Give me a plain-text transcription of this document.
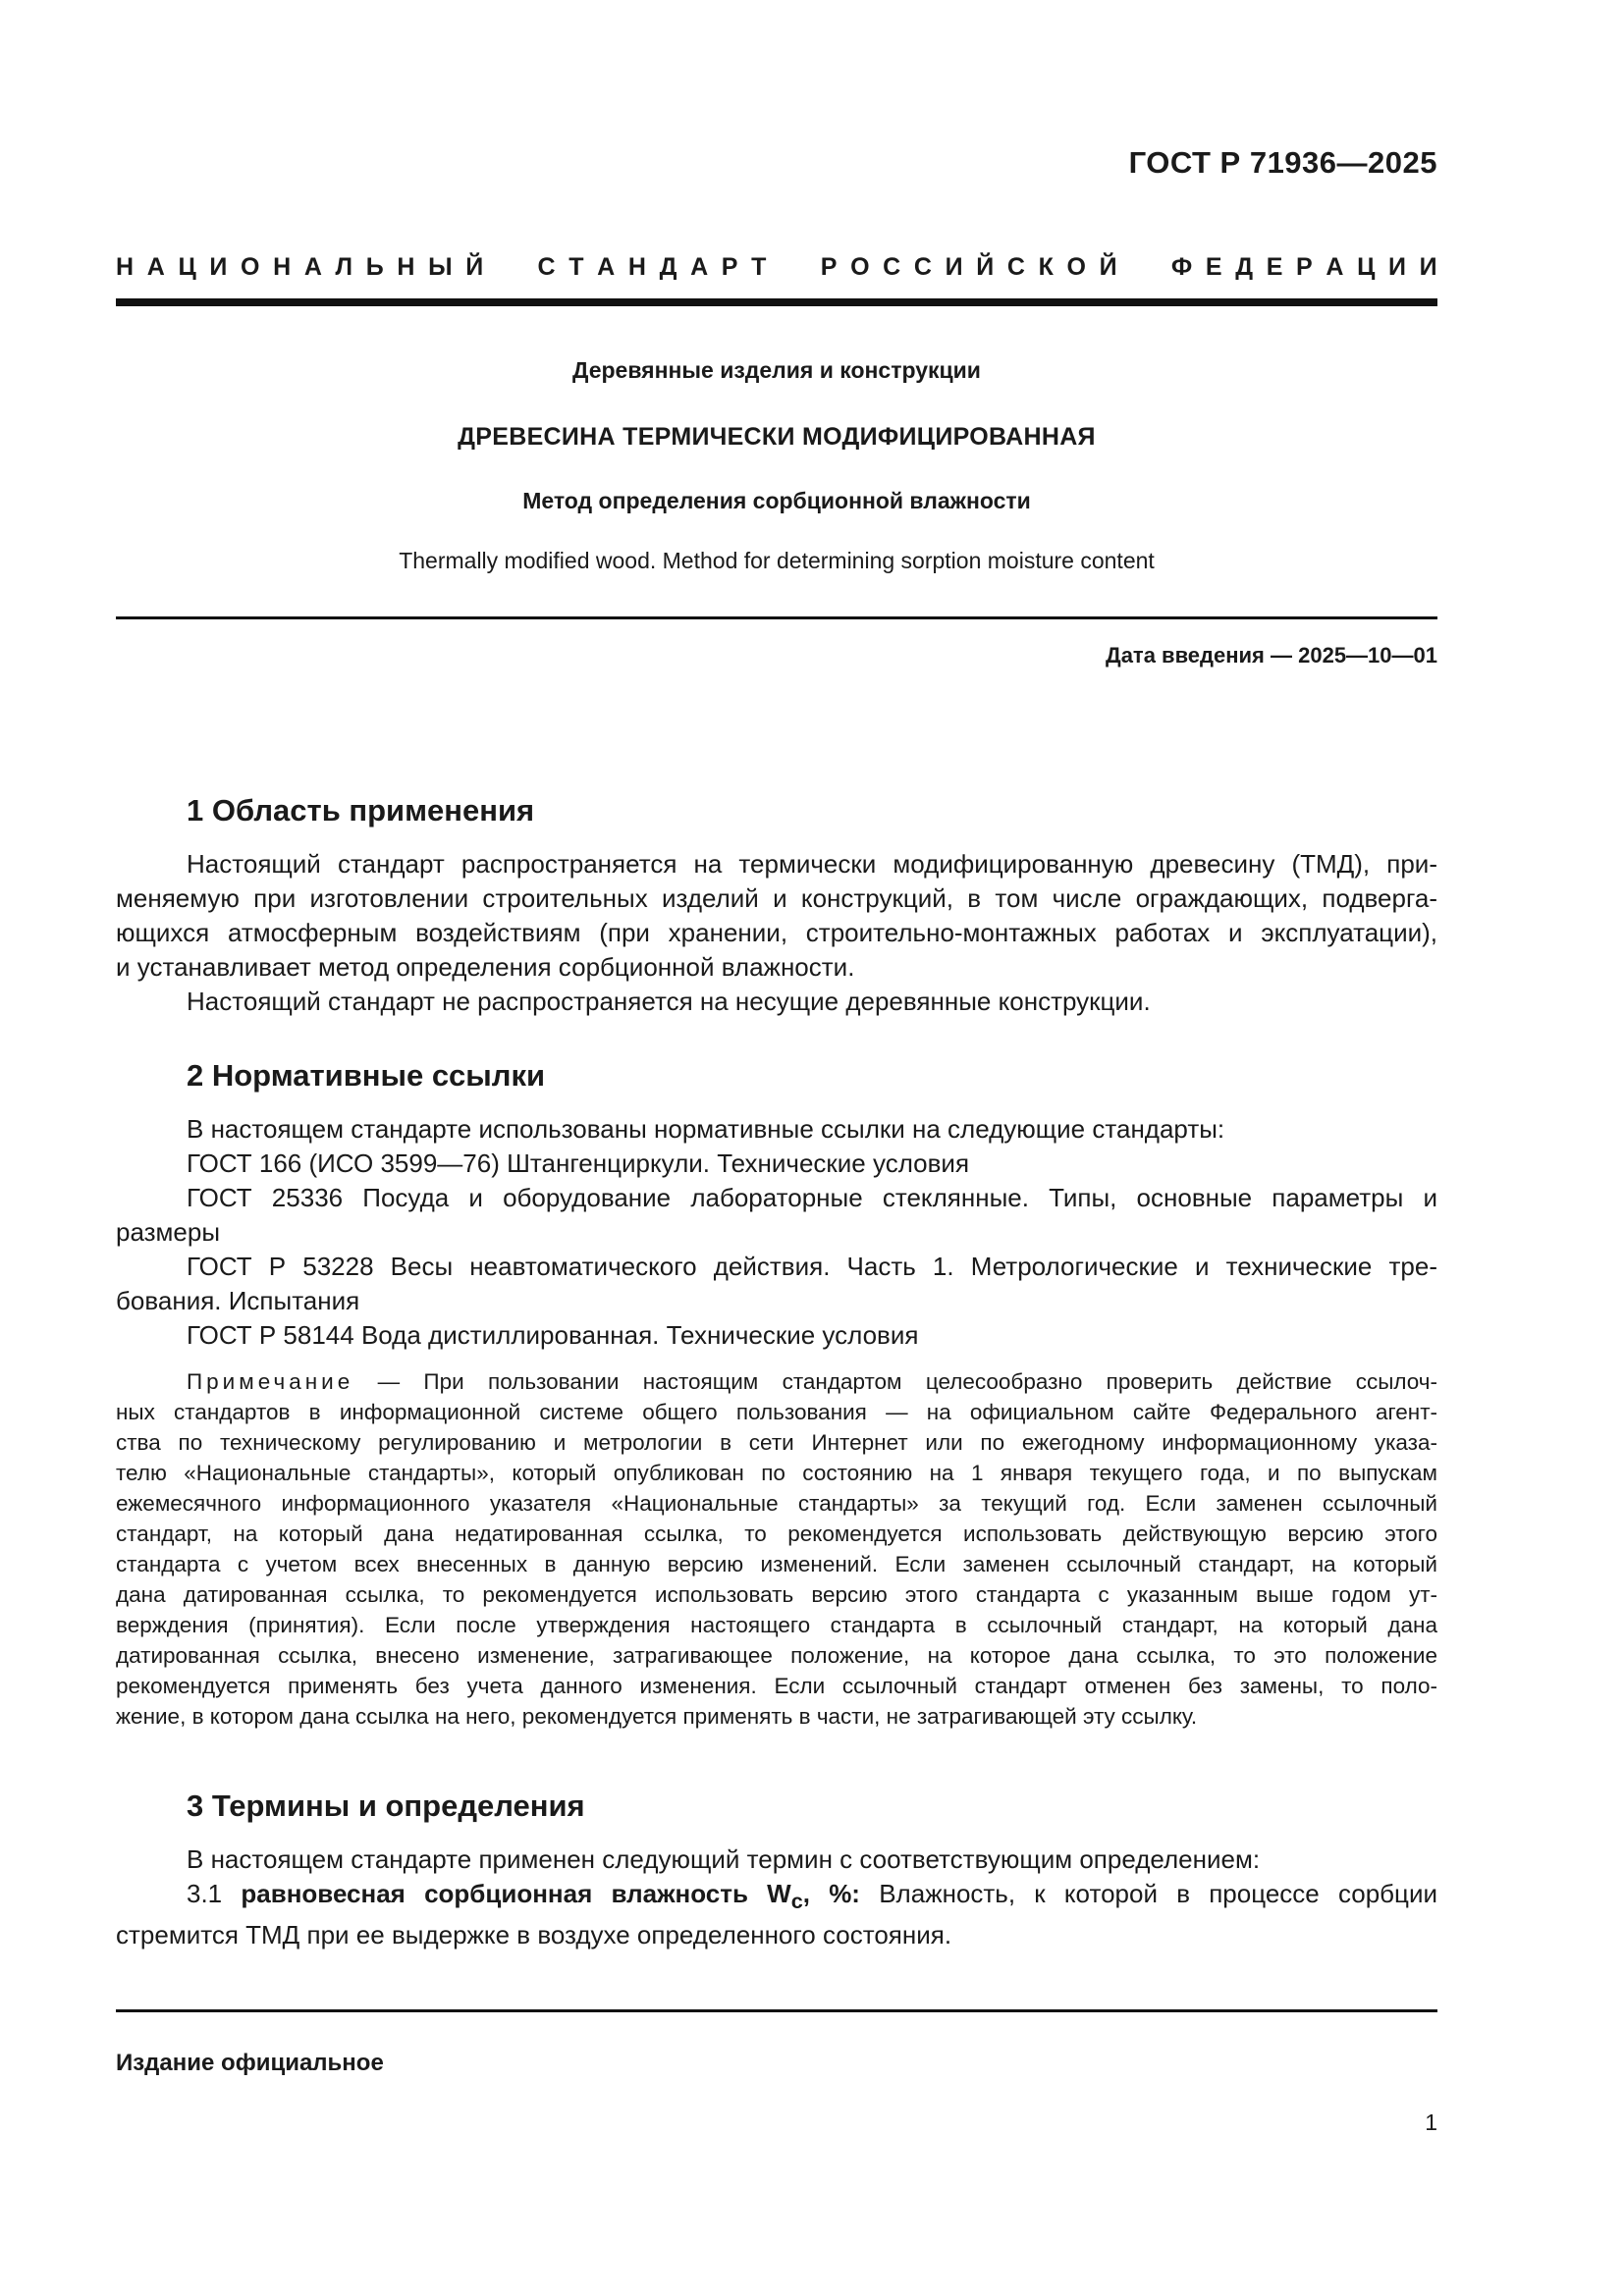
ГОСТ Р 71936—2025
Н А Ц И О Н А Л Ь Н Ы Й С Т А Н Д А Р Т Р О С С И Й С К О Й Ф Е Д Е Р А Ц И И
Деревянные изделия и конструкции
ДРЕВЕСИНА ТЕРМИЧЕСКИ МОДИФИЦИРОВАННАЯ
Метод определения сорбционной влажности
Thermally modified wood. Method for determining sorption moisture content
Дата введения — 2025—10—01
1 Область применения

Настоящий стандарт распространяется на термически модифицированную древесину (ТМД), при-

меняемую при изготовлении строительных изделий и конструкций, в том числе ограждающих, подверга-

ющихся атмосферным воздействиям (при хранении, строительно-монтажных работах и эксплуатации),

и устанавливает метод определения сорбционной влажности.

Настоящий стандарт не распространяется на несущие деревянные конструкции.

2 Нормативные ссылки

В настоящем стандарте использованы нормативные ссылки на следующие стандарты:

ГОСТ 166 (ИСО 3599—76) Штангенциркули. Технические условия

ГОСТ 25336 Посуда и оборудование лабораторные стеклянные. Типы, основные параметры и

размеры

ГОСТ Р 53228 Весы неавтоматического действия. Часть 1. Метрологические и технические тре-

бования. Испытания

ГОСТ Р 58144 Вода дистиллированная. Технические условия

Примечание — При пользовании настоящим стандартом целесообразно проверить действие ссылоч-

ных стандартов в информационной системе общего пользования — на официальном сайте Федерального агент-

ства по техническому регулированию и метрологии в сети Интернет или по ежегодному информационному указа-

телю «Национальные стандарты», который опубликован по состоянию на 1 января текущего года, и по выпускам

ежемесячного информационного указателя «Национальные стандарты» за текущий год. Если заменен ссылочный

стандарт, на который дана недатированная ссылка, то рекомендуется использовать действующую версию этого

стандарта с учетом всех внесенных в данную версию изменений. Если заменен ссылочный стандарт, на который

дана датированная ссылка, то рекомендуется использовать версию этого стандарта с указанным выше годом ут-

верждения (принятия). Если после утверждения настоящего стандарта в ссылочный стандарт, на который дана

датированная ссылка, внесено изменение, затрагивающее положение, на которое дана ссылка, то это положение

рекомендуется применять без учета данного изменения. Если ссылочный стандарт отменен без замены, то поло-

жение, в котором дана ссылка на него, рекомендуется применять в части, не затрагивающей эту ссылку.

3 Термины и определения

В настоящем стандарте применен следующий термин с соответствующим определением:

3.1 равновесная сорбционная влажность $W_с$, %: Влажность, к которой в процессе сорбции

стремится ТМД при ее выдержке в воздухе определенного состояния.

Издание официальное
1
